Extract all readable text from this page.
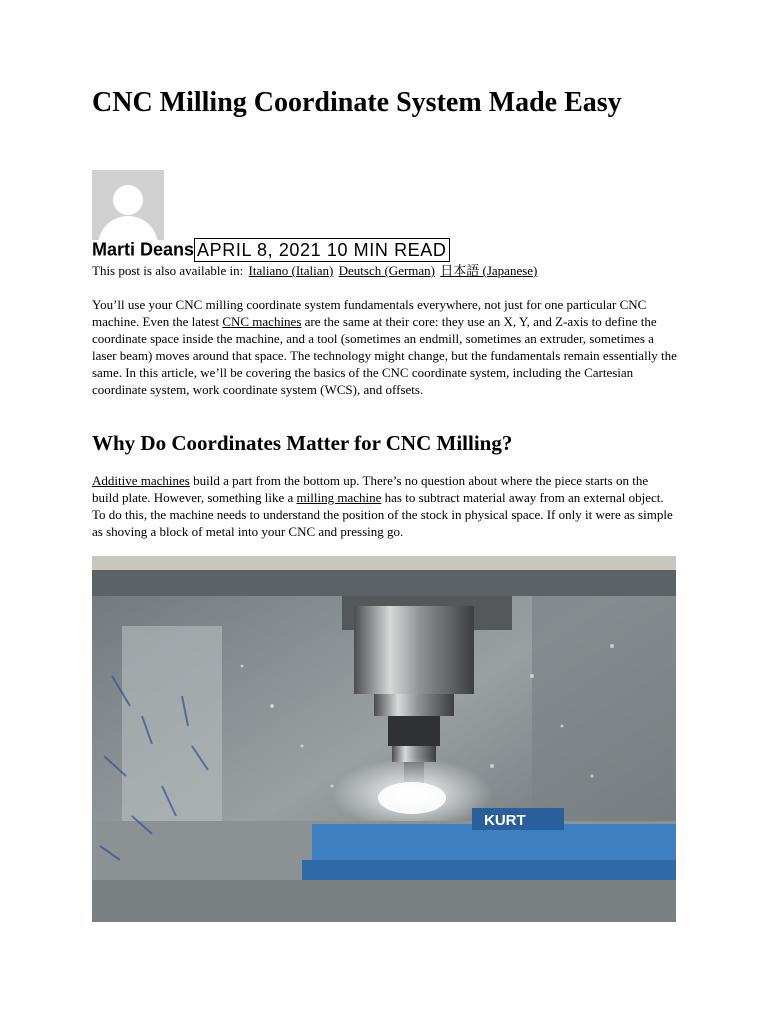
CNC Milling Coordinate System Made Easy
Marti Deans APRIL 8, 2021 10 MIN READ
This post is also available in: Italiano (Italian) Deutsch (German) 日本語 (Japanese)

You’ll use your CNC milling coordinate system fundamentals everywhere, not just for one particular CNC machine. Even the latest CNC machines are the same at their core: they use an X, Y, and Z-axis to define the coordinate space inside the machine, and a tool (sometimes an endmill, sometimes an extruder, sometimes a laser beam) moves around that space. The technology might change, but the fundamentals remain essentially the same. In this article, we’ll be covering the basics of the CNC coordinate system, including the Cartesian coordinate system, work coordinate system (WCS), and offsets.

Why Do Coordinates Matter for CNC Milling?

Additive machines build a part from the bottom up. There’s no question about where the piece starts on the build plate. However, something like a milling machine has to subtract material away from an external object. To do this, the machine needs to understand the position of the stock in physical space. If only it were as simple as shoving a block of metal into your CNC and pressing go.

KURT
